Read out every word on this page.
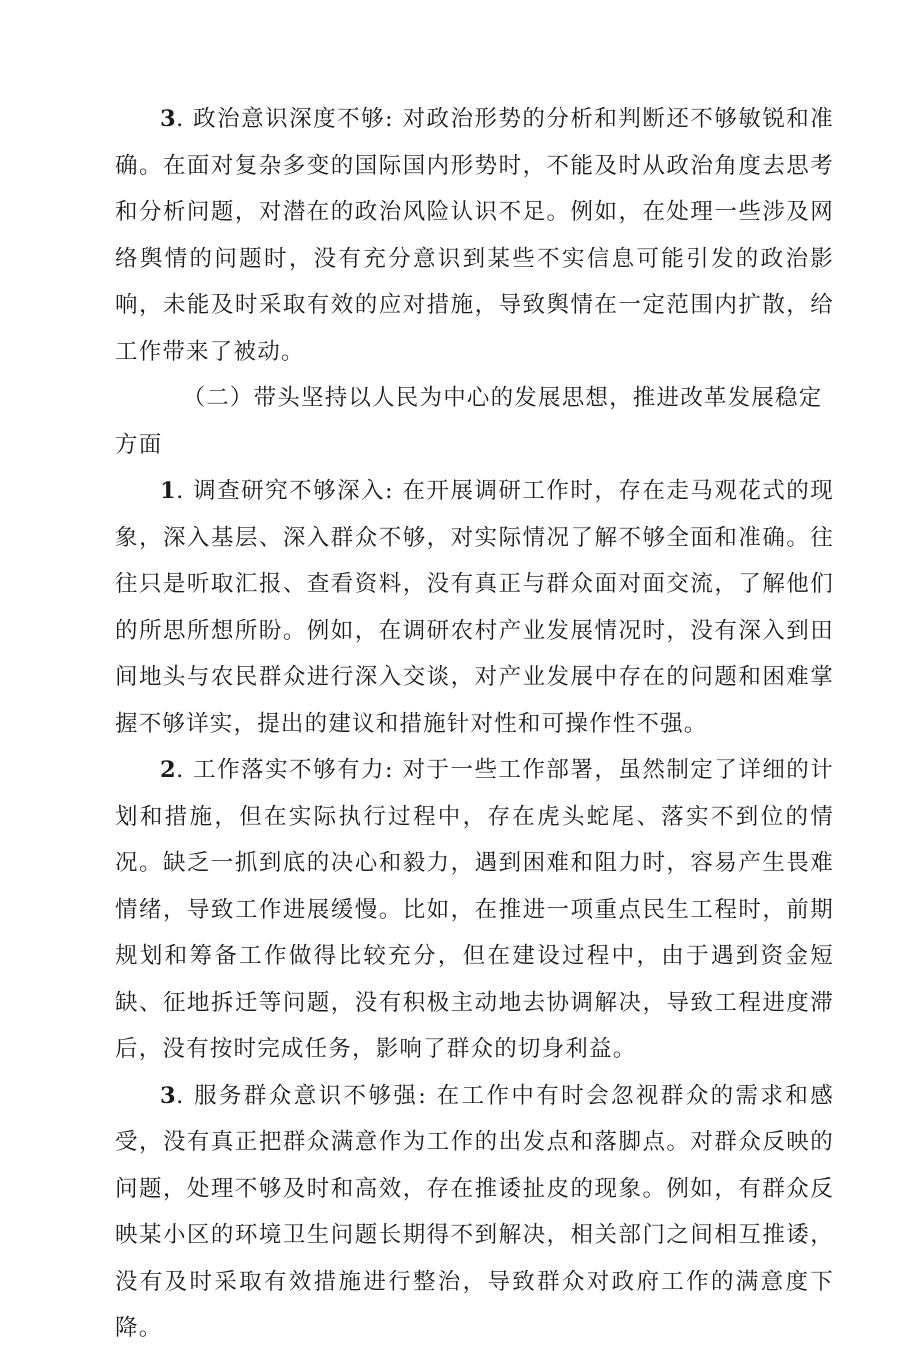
3. 政治意识深度不够: 对政治形势的分析和判断还不够敏锐和准确。在面对复杂多变的国际国内形势时，不能及时从政治角度去思考和分析问题，对潜在的政治风险认识不足。例如，在处理一些涉及网络舆情的问题时，没有充分意识到某些不实信息可能引发的政治影响，未能及时采取有效的应对措施，导致舆情在一定范围内扩散，给工作带来了被动。

（二）带头坚持以人民为中心的发展思想，推进改革发展稳定方面

1. 调查研究不够深入: 在开展调研工作时，存在走马观花式的现象，深入基层、深入群众不够，对实际情况了解不够全面和准确。往往只是听取汇报、查看资料，没有真正与群众面对面交流，了解他们的所思所想所盼。例如，在调研农村产业发展情况时，没有深入到田间地头与农民群众进行深入交谈，对产业发展中存在的问题和困难掌握不够详实，提出的建议和措施针对性和可操作性不强。

2. 工作落实不够有力: 对于一些工作部署，虽然制定了详细的计划和措施，但在实际执行过程中，存在虎头蛇尾、落实不到位的情况。缺乏一抓到底的决心和毅力，遇到困难和阻力时，容易产生畏难情绪，导致工作进展缓慢。比如，在推进一项重点民生工程时，前期规划和筹备工作做得比较充分，但在建设过程中，由于遇到资金短缺、征地拆迁等问题，没有积极主动地去协调解决，导致工程进度滞后，没有按时完成任务，影响了群众的切身利益。

3. 服务群众意识不够强: 在工作中有时会忽视群众的需求和感受，没有真正把群众满意作为工作的出发点和落脚点。对群众反映的问题，处理不够及时和高效，存在推诿扯皮的现象。例如，有群众反映某小区的环境卫生问题长期得不到解决，相关部门之间相互推诿，没有及时采取有效措施进行整治，导致群众对政府工作的满意度下降。
